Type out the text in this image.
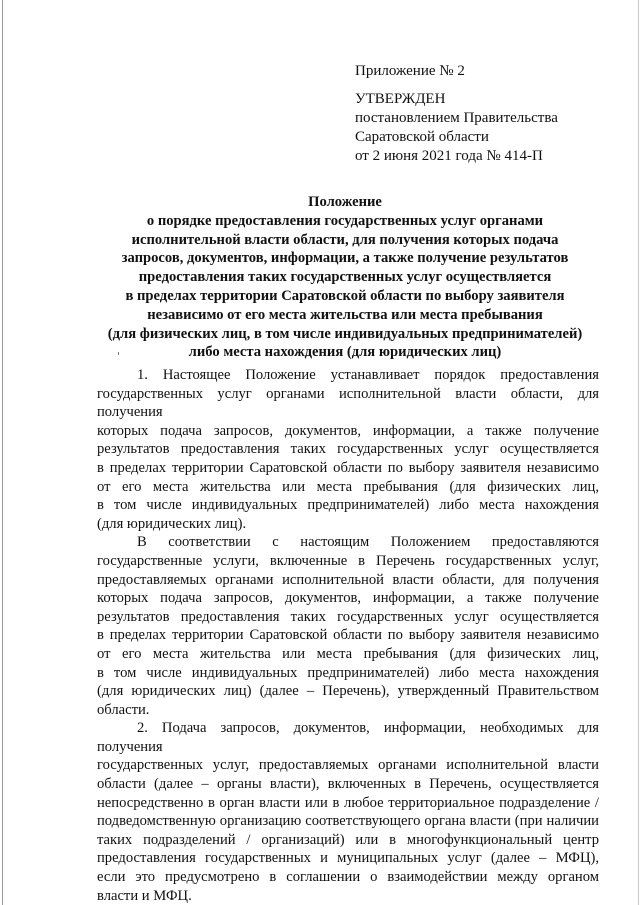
Приложение № 2
УТВЕРЖДЕН
постановлением Правительства
Саратовской области
от 2 июня 2021 года № 414-П
Положение
о порядке предоставления государственных услуг органами
исполнительной власти области, для получения которых подача
запросов, документов, информации, а также получение результатов
предоставления таких государственных услуг осуществляется
в пределах территории Саратовской области по выбору заявителя
независимо от его места жительства или места пребывания
(для физических лиц, в том числе индивидуальных предпринимателей)
либо места нахождения (для юридических лиц)
1. Настоящее Положение устанавливает порядок предоставления
государственных услуг органами исполнительной власти области, для получения
которых подача запросов, документов, информации, а также получение
результатов предоставления таких государственных услуг осуществляется
в пределах территории Саратовской области по выбору заявителя независимо
от его места жительства или места пребывания (для физических лиц,
в том числе индивидуальных предпринимателей) либо места нахождения
(для юридических лиц).
В соответствии с настоящим Положением предоставляются
государственные услуги, включенные в Перечень государственных услуг,
предоставляемых органами исполнительной власти области, для получения
которых подача запросов, документов, информации, а также получение
результатов предоставления таких государственных услуг осуществляется
в пределах территории Саратовской области по выбору заявителя независимо
от его места жительства или места пребывания (для физических лиц,
в том числе индивидуальных предпринимателей) либо места нахождения
(для юридических лиц) (далее – Перечень), утвержденный Правительством
области.
2. Подача запросов, документов, информации, необходимых для получения
государственных услуг, предоставляемых органами исполнительной власти
области (далее – органы власти), включенных в Перечень, осуществляется
непосредственно в орган власти или в любое территориальное подразделение /
подведомственную организацию соответствующего органа власти (при наличии
таких подразделений / организаций) или в многофункциональный центр
предоставления государственных и муниципальных услуг (далее – МФЦ),
если это предусмотрено в соглашении о взаимодействии между органом
власти и МФЦ.
